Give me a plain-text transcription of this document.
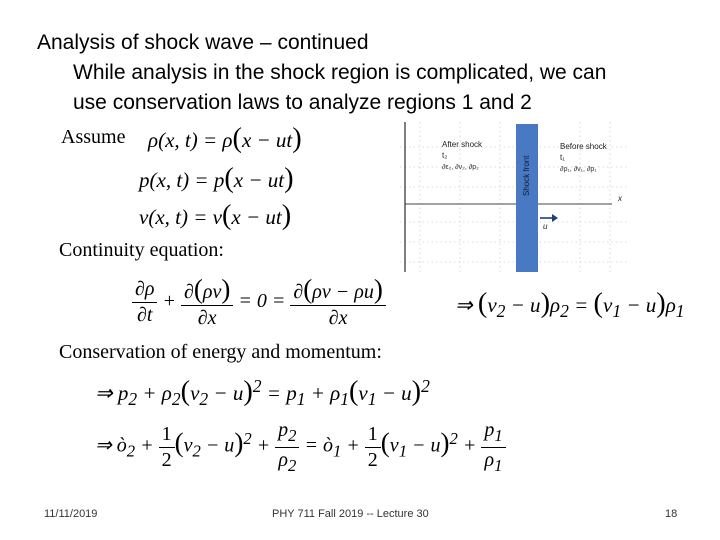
Analysis of shock wave – continued
While analysis in the shock region is complicated, we can
use conservation laws to analyze regions 1 and 2
Assume ρ(x, t) = ρ(x − ut)
p(x, t) = p(x − ut)
v(x, t) = v(x − ut)
Continuity equation:
$\frac{\partial\rho}{\partial t} + \frac{\partial(\rho v)}{\partial x} = 0 = \frac{\partial(\rho v - \rho u)}{\partial x}$	⇒ $(v_2 - u)\rho_2 = (v_1 - u)\rho_1$
Conservation of energy and momentum:
⇒ $p_2 + \rho_2(v_2 - u)^2 = p_1 + \rho_1(v_1 - u)^2$
⇒ $ò_2 + \frac{1}{2} (v_2 - u)^2 + \frac{p_2}{\rho_2}$ = $ò_1 + \frac{1}{2} (v_1 - u)^2 + \frac{p_1}{\rho_1}$
After shock
t₂
∂ε₂, ∂ν₂, ∂p₂
Before shock
t₁
∂ρ₁, ∂ν₁, ∂p₁
Shock front
x
u
11/11/2019	PHY 711 Fall 2019 -- Lecture 30	18
